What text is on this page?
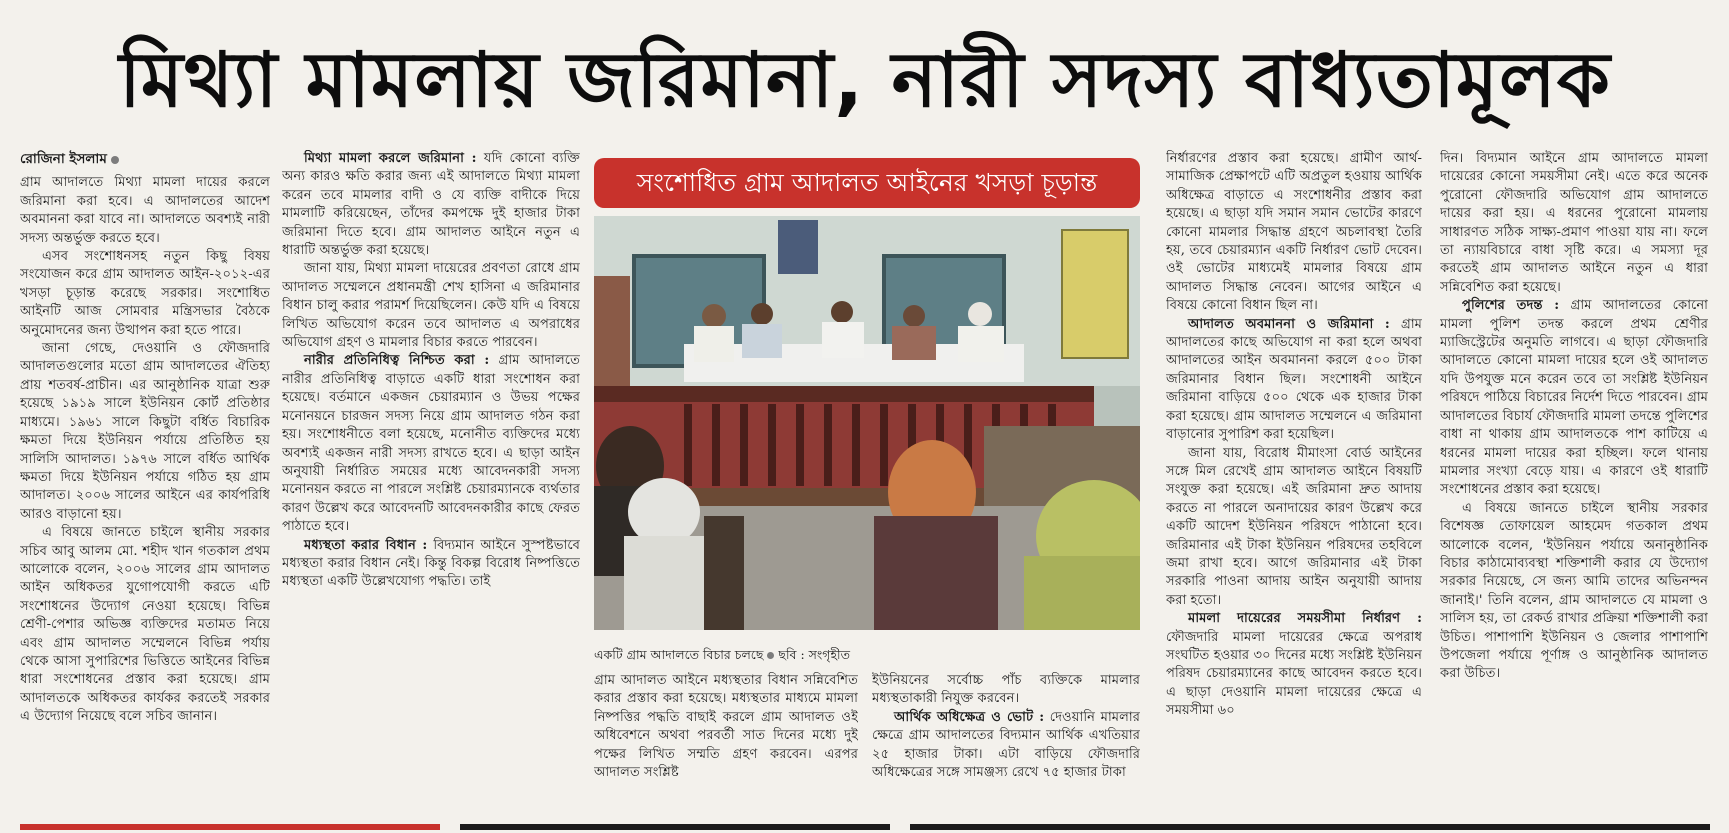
মিথ্যা মামলায় জরিমানা, নারী সদস্য বাধ্যতামূলক
রোজিনা ইসলাম

গ্রাম আদালতে মিথ্যা মামলা দায়ের করলে জরিমানা করা হবে। এ আদালতের আদেশ অবমাননা করা যাবে না। আদালতে অবশ্যই নারী সদস্য অন্তর্ভুক্ত করতে হবে।

এসব সংশোধনসহ নতুন কিছু বিষয় সংযোজন করে গ্রাম আদালত আইন-২০১২-এর খসড়া চূড়ান্ত করেছে সরকার। সংশোধিত আইনটি আজ সোমবার মন্ত্রিসভার বৈঠকে অনুমোদনের জন্য উত্থাপন করা হতে পারে।

জানা গেছে, দেওয়ানি ও ফৌজদারি আদালতগুলোর মতো গ্রাম আদালতের ঐতিহ্য প্রায় শতবর্ষ-প্রাচীন। এর আনুষ্ঠানিক যাত্রা শুরু হয়েছে ১৯১৯ সালে ইউনিয়ন কোর্ট প্রতিষ্ঠার মাধ্যমে। ১৯৬১ সালে কিছুটা বর্ধিত বিচারিক ক্ষমতা দিয়ে ইউনিয়ন পর্যায়ে প্রতিষ্ঠিত হয় সালিসি আদালত। ১৯৭৬ সালে বর্ধিত আর্থিক ক্ষমতা দিয়ে ইউনিয়ন পর্যায়ে গঠিত হয় গ্রাম আদালত। ২০০৬ সালের আইনে এর কার্যপরিধি আরও বাড়ানো হয়।

এ বিষয়ে জানতে চাইলে স্থানীয় সরকার সচিব আবু আলম মো. শহীদ খান গতকাল প্রথম আলোকে বলেন, ২০০৬ সালের গ্রাম আদালত আইন অধিকতর যুগোপযোগী করতে এটি সংশোধনের উদ্যোগ নেওয়া হয়েছে। বিভিন্ন শ্রেণী-পেশার অভিজ্ঞ ব্যক্তিদের মতামত নিয়ে এবং গ্রাম আদালত সম্মেলনে বিভিন্ন পর্যায় থেকে আসা সুপারিশের ভিত্তিতে আইনের বিভিন্ন ধারা সংশোধনের প্রস্তাব করা হয়েছে। গ্রাম আদালতকে অধিকতর কার্যকর করতেই সরকার এ উদ্যোগ নিয়েছে বলে সচিব জানান।

মিথ্যা মামলা করলে জরিমানা : যদি কোনো ব্যক্তি অন্য কারও ক্ষতি করার জন্য এই আদালতে মিথ্যা মামলা করেন তবে মামলার বাদী ও যে ব্যক্তি বাদীকে দিয়ে মামলাটি করিয়েছেন, তাঁদের কমপক্ষে দুই হাজার টাকা জরিমানা দিতে হবে। গ্রাম আদালত আইনে নতুন এ ধারাটি অন্তর্ভুক্ত করা হয়েছে।

জানা যায়, মিথ্যা মামলা দায়েরের প্রবণতা রোধে গ্রাম আদালত সম্মেলনে প্রধানমন্ত্রী শেখ হাসিনা এ জরিমানার বিধান চালু করার পরামর্শ দিয়েছিলেন। কেউ যদি এ বিষয়ে লিখিত অভিযোগ করেন তবে আদালত এ অপরাধের অভিযোগ গ্রহণ ও মামলার বিচার করতে পারবেন।

নারীর প্রতিনিধিত্ব নিশ্চিত করা : গ্রাম আদালতে নারীর প্রতিনিধিত্ব বাড়াতে একটি ধারা সংশোধন করা হয়েছে। বর্তমানে একজন চেয়ারম্যান ও উভয় পক্ষের মনোনয়নে চারজন সদস্য নিয়ে গ্রাম আদালত গঠন করা হয়। সংশোধনীতে বলা হয়েছে, মনোনীত ব্যক্তিদের মধ্যে অবশ্যই একজন নারী সদস্য রাখতে হবে। এ ছাড়া আইন অনুযায়ী নির্ধারিত সময়ের মধ্যে আবেদনকারী সদস্য মনোনয়ন করতে না পারলে সংশ্লিষ্ট চেয়ারম্যানকে ব্যর্থতার কারণ উল্লেখ করে আবেদনটি আবেদনকারীর কাছে ফেরত পাঠাতে হবে।

মধ্যস্থতা করার বিধান : বিদ্যমান আইনে সুস্পষ্টভাবে মধ্যস্থতা করার বিধান নেই। কিন্তু বিকল্প বিরোধ নিষ্পত্তিতে মধ্যস্থতা একটি উল্লেখযোগ্য পদ্ধতি। তাই

সংশোধিত গ্রাম আদালত আইনের খসড়া চূড়ান্ত
একটি গ্রাম আদালতে বিচার চলছে ছবি : সংগৃহীত

গ্রাম আদালত আইনে মধ্যস্থতার বিধান সন্নিবেশিত করার প্রস্তাব করা হয়েছে। মধ্যস্থতার মাধ্যমে মামলা নিষ্পত্তির পদ্ধতি বাছাই করলে গ্রাম আদালত ওই অধিবেশনে অথবা পরবর্তী সাত দিনের মধ্যে দুই পক্ষের লিখিত সম্মতি গ্রহণ করবেন। এরপর আদালত সংশ্লিষ্ট

ইউনিয়নের সর্বোচ্চ পাঁচ ব্যক্তিকে মামলার মধ্যস্থতাকারী নিযুক্ত করবেন।

আর্থিক অধিক্ষেত্র ও ভোট : দেওয়ানি মামলার ক্ষেত্রে গ্রাম আদালতের বিদ্যমান আর্থিক এখতিয়ার ২৫ হাজার টাকা। এটা বাড়িয়ে ফৌজদারি অধিক্ষেত্রের সঙ্গে সামঞ্জস্য রেখে ৭৫ হাজার টাকা

নির্ধারণের প্রস্তাব করা হয়েছে। গ্রামীণ আর্থ-সামাজিক প্রেক্ষাপটে এটি অপ্রতুল হওয়ায় আর্থিক অধিক্ষেত্র বাড়াতে এ সংশোধনীর প্রস্তাব করা হয়েছে। এ ছাড়া যদি সমান সমান ভোটের কারণে কোনো মামলার সিদ্ধান্ত গ্রহণে অচলাবস্থা তৈরি হয়, তবে চেয়ারম্যান একটি নির্ধারণ ভোট দেবেন। ওই ভোটের মাধ্যমেই মামলার বিষয়ে গ্রাম আদালত সিদ্ধান্ত নেবেন। আগের আইনে এ বিষয়ে কোনো বিধান ছিল না।

আদালত অবমাননা ও জরিমানা : গ্রাম আদালতের কাছে অভিযোগ না করা হলে অথবা আদালতের আইন অবমাননা করলে ৫০০ টাকা জরিমানার বিধান ছিল। সংশোধনী আইনে জরিমানা বাড়িয়ে ৫০০ থেকে এক হাজার টাকা করা হয়েছে। গ্রাম আদালত সম্মেলনে এ জরিমানা বাড়ানোর সুপারিশ করা হয়েছিল।

জানা যায়, বিরোধ মীমাংসা বোর্ড আইনের সঙ্গে মিল রেখেই গ্রাম আদালত আইনে বিষয়টি সংযুক্ত করা হয়েছে। এই জরিমানা দ্রুত আদায় করতে না পারলে অনাদায়ের কারণ উল্লেখ করে একটি আদেশ ইউনিয়ন পরিষদে পাঠানো হবে। জরিমানার এই টাকা ইউনিয়ন পরিষদের তহবিলে জমা রাখা হবে। আগে জরিমানার এই টাকা সরকারি পাওনা আদায় আইন অনুযায়ী আদায় করা হতো।

মামলা দায়েরের সময়সীমা নির্ধারণ : ফৌজদারি মামলা দায়েরের ক্ষেত্রে অপরাধ সংঘটিত হওয়ার ৩০ দিনের মধ্যে সংশ্লিষ্ট ইউনিয়ন পরিষদ চেয়ারম্যানের কাছে আবেদন করতে হবে। এ ছাড়া দেওয়ানি মামলা দায়েরের ক্ষেত্রে এ সময়সীমা ৬০

দিন। বিদ্যমান আইনে গ্রাম আদালতে মামলা দায়েরের কোনো সময়সীমা নেই। এতে করে অনেক পুরোনো ফৌজদারি অভিযোগ গ্রাম আদালতে দায়ের করা হয়। এ ধরনের পুরোনো মামলায় সাধারণত সঠিক সাক্ষ্য-প্রমাণ পাওয়া যায় না। ফলে তা ন্যায়বিচারে বাধা সৃষ্টি করে। এ সমস্যা দূর করতেই গ্রাম আদালত আইনে নতুন এ ধারা সন্নিবেশিত করা হয়েছে।

পুলিশের তদন্ত : গ্রাম আদালতের কোনো মামলা পুলিশ তদন্ত করলে প্রথম শ্রেণীর ম্যাজিস্ট্রেটের অনুমতি লাগবে। এ ছাড়া ফৌজদারি আদালতে কোনো মামলা দায়ের হলে ওই আদালত যদি উপযুক্ত মনে করেন তবে তা সংশ্লিষ্ট ইউনিয়ন পরিষদে পাঠিয়ে বিচারের নির্দেশ দিতে পারবেন। গ্রাম আদালতের বিচার্য ফৌজদারি মামলা তদন্তে পুলিশের বাধা না থাকায় গ্রাম আদালতকে পাশ কাটিয়ে এ ধরনের মামলা দায়ের করা হচ্ছিল। ফলে থানায় মামলার সংখ্যা বেড়ে যায়। এ কারণে ওই ধারাটি সংশোধনের প্রস্তাব করা হয়েছে।

এ বিষয়ে জানতে চাইলে স্থানীয় সরকার বিশেষজ্ঞ তোফায়েল আহমেদ গতকাল প্রথম আলোকে বলেন, 'ইউনিয়ন পর্যায়ে অনানুষ্ঠানিক বিচার কাঠামোব্যবস্থা শক্তিশালী করার যে উদ্যোগ সরকার নিয়েছে, সে জন্য আমি তাদের অভিনন্দন জানাই।' তিনি বলেন, গ্রাম আদালতে যে মামলা ও সালিস হয়, তা রেকর্ড রাখার প্রক্রিয়া শক্তিশালী করা উচিত। পাশাপাশি ইউনিয়ন ও জেলার পাশাপাশি উপজেলা পর্যায়ে পূর্ণাঙ্গ ও আনুষ্ঠানিক আদালত করা উচিত।
